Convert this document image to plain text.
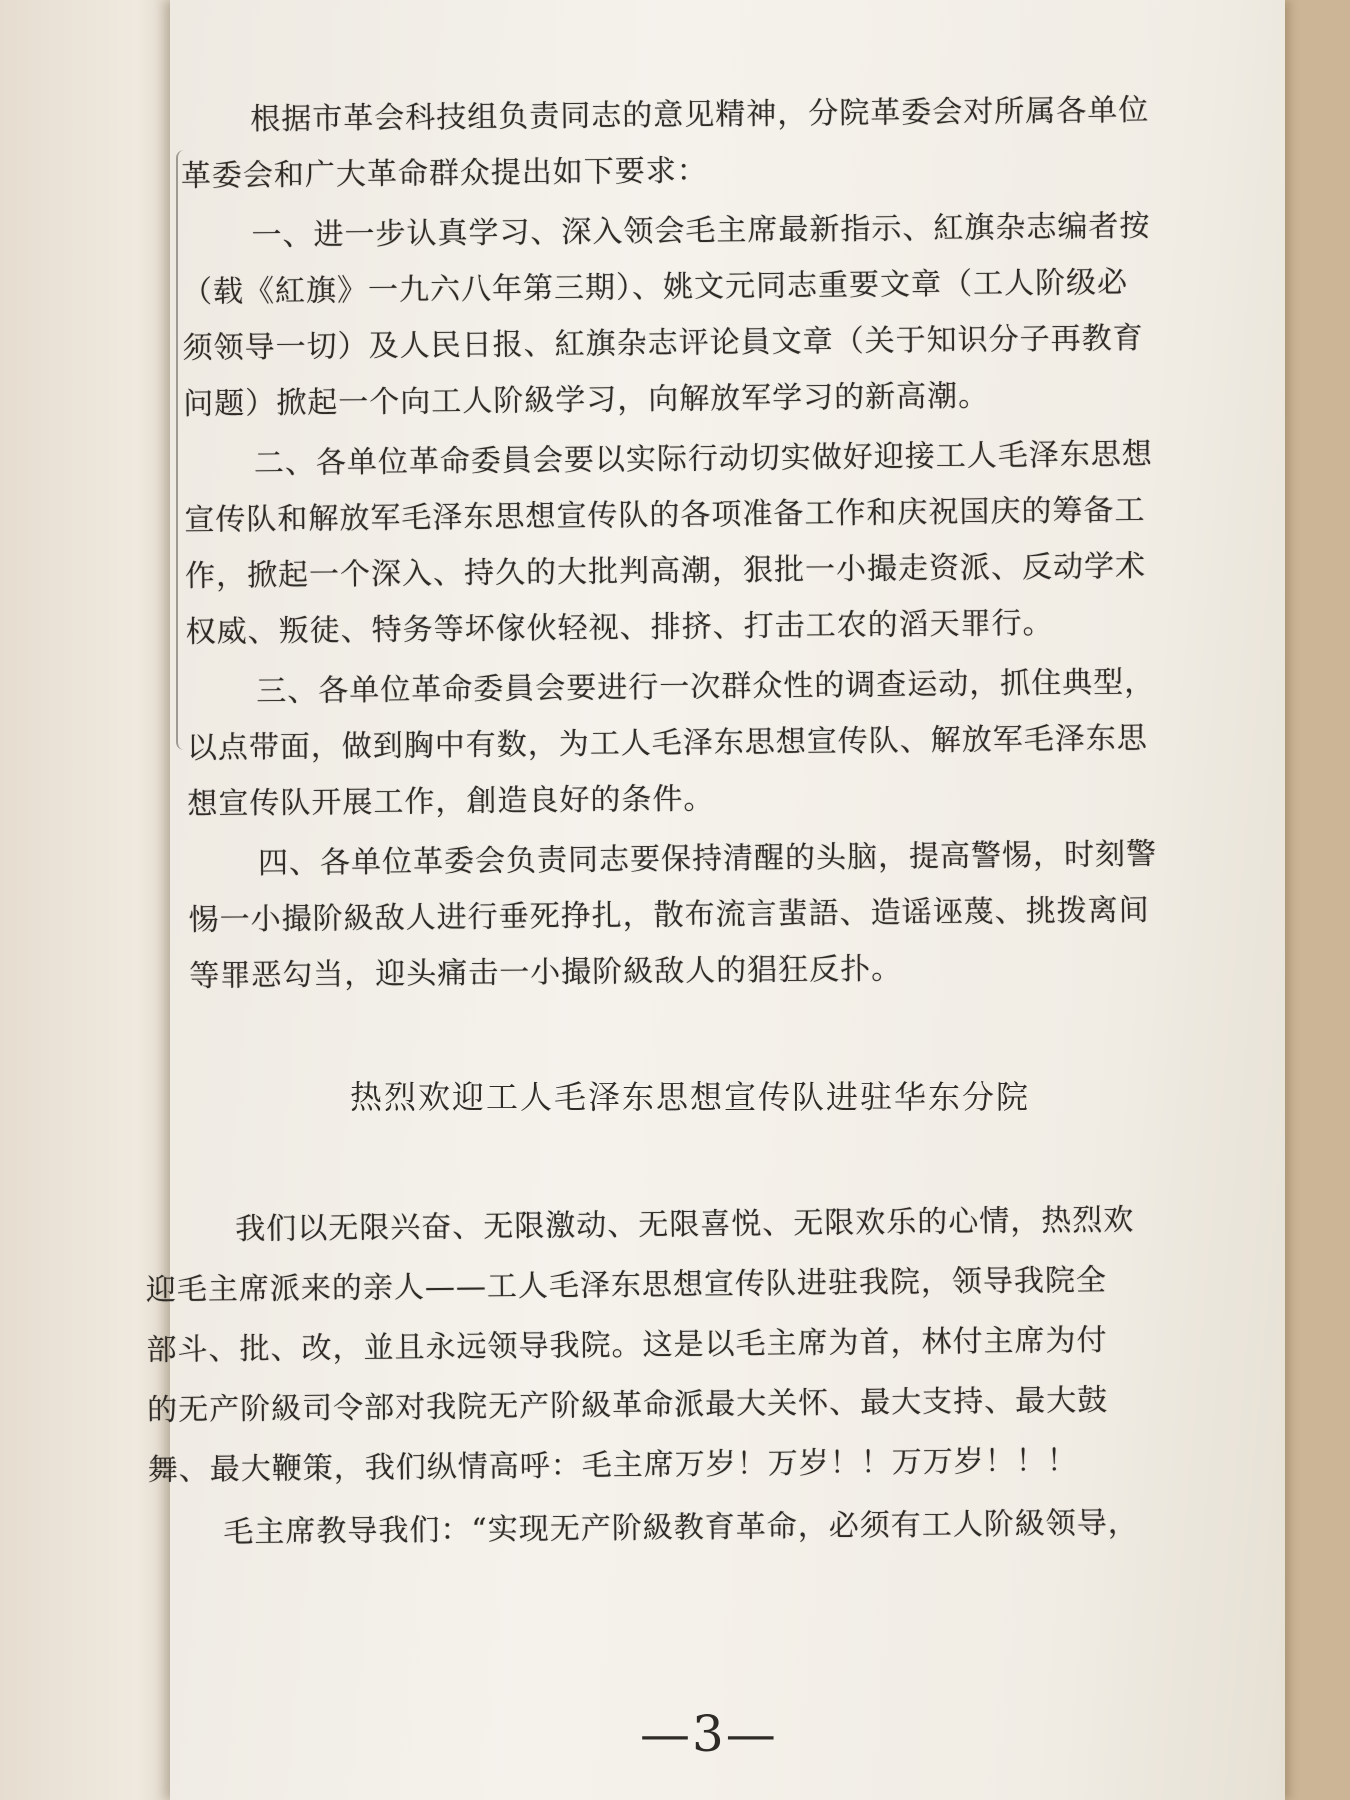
根据市革会科技组负责同志的意见精神，分院革委会对所属各单位
革委会和广大革命群众提出如下要求：
一、进一步认真学习、深入领会毛主席最新指示、紅旗杂志编者按
（载《紅旗》一九六八年第三期）、姚文元同志重要文章（工人阶级必
须领导一切）及人民日报、紅旗杂志评论員文章（关于知识分子再教育
问题）掀起一个向工人阶級学习，向解放军学习的新高潮。
二、各单位革命委員会要以实际行动切实做好迎接工人毛泽东思想
宣传队和解放军毛泽东思想宣传队的各项准备工作和庆祝国庆的筹备工
作，掀起一个深入、持久的大批判高潮，狠批一小撮走资派、反动学术
权威、叛徒、特务等坏傢伙轻视、排挤、打击工农的滔天罪行。
三、各单位革命委員会要进行一次群众性的调查运动，抓住典型，
以点带面，做到胸中有数，为工人毛泽东思想宣传队、解放军毛泽东思
想宣传队开展工作，創造良好的条件。
四、各单位革委会负责同志要保持清醒的头脑，提高警惕，时刻警
惕一小撮阶級敌人进行垂死挣扎，散布流言蜚語、造谣诬蔑、挑拨离间
等罪恶勾当，迎头痛击一小撮阶級敌人的猖狂反扑。
热烈欢迎工人毛泽东思想宣传队进驻华东分院
我们以无限兴奋、无限激动、无限喜悦、无限欢乐的心情，热烈欢
迎毛主席派来的亲人——工人毛泽东思想宣传队进驻我院，领导我院全
部斗、批、改，並且永远领导我院。这是以毛主席为首，林付主席为付
的无产阶級司令部对我院无产阶級革命派最大关怀、最大支持、最大鼓
舞、最大鞭策，我们纵情高呼：毛主席万岁！万岁！！万万岁！！！
毛主席教导我们：“实现无产阶級教育革命，必须有工人阶級领导，
—3—
